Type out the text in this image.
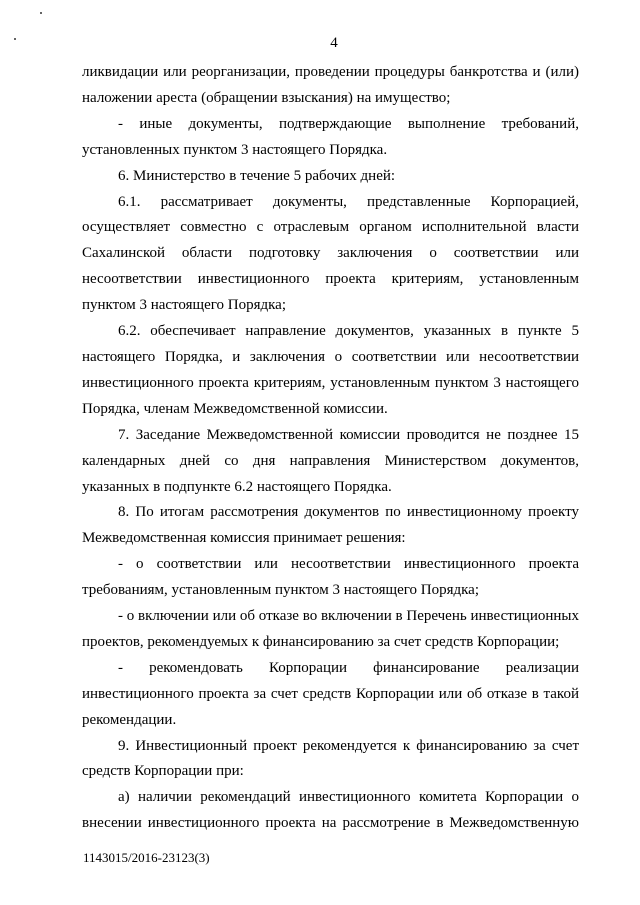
4

ликвидации или реорганизации, проведении процедуры банкротства и (или) наложении ареста (обращении взыскания) на имущество;

- иные документы, подтверждающие выполнение требований, установленных пунктом 3 настоящего Порядка.

6. Министерство в течение 5 рабочих дней:

6.1. рассматривает документы, представленные Корпорацией, осуществляет совместно с отраслевым органом исполнительной власти Сахалинской области подготовку заключения о соответствии или несоответствии инвестиционного проекта критериям, установленным пунктом 3 настоящего Порядка;

6.2. обеспечивает направление документов, указанных в пункте 5 настоящего Порядка, и заключения о соответствии или несоответствии инвестиционного проекта критериям, установленным пунктом 3 настоящего Порядка, членам Межведомственной комиссии.

7. Заседание Межведомственной комиссии проводится не позднее 15 календарных дней со дня направления Министерством документов, указанных в подпункте 6.2 настоящего Порядка.

8. По итогам рассмотрения документов по инвестиционному проекту Межведомственная комиссия принимает решения:

- о соответствии или несоответствии инвестиционного проекта требованиям, установленным пунктом 3 настоящего Порядка;

- о включении или об отказе во включении в Перечень инвестиционных проектов, рекомендуемых к финансированию за счет средств Корпорации;

- рекомендовать Корпорации финансирование реализации инвестиционного проекта за счет средств Корпорации или об отказе в такой рекомендации.

9. Инвестиционный проект рекомендуется к финансированию за счет средств Корпорации при:

а) наличии рекомендаций инвестиционного комитета Корпорации о внесении инвестиционного проекта на рассмотрение в Межведомственную

1143015/2016-23123(3)
